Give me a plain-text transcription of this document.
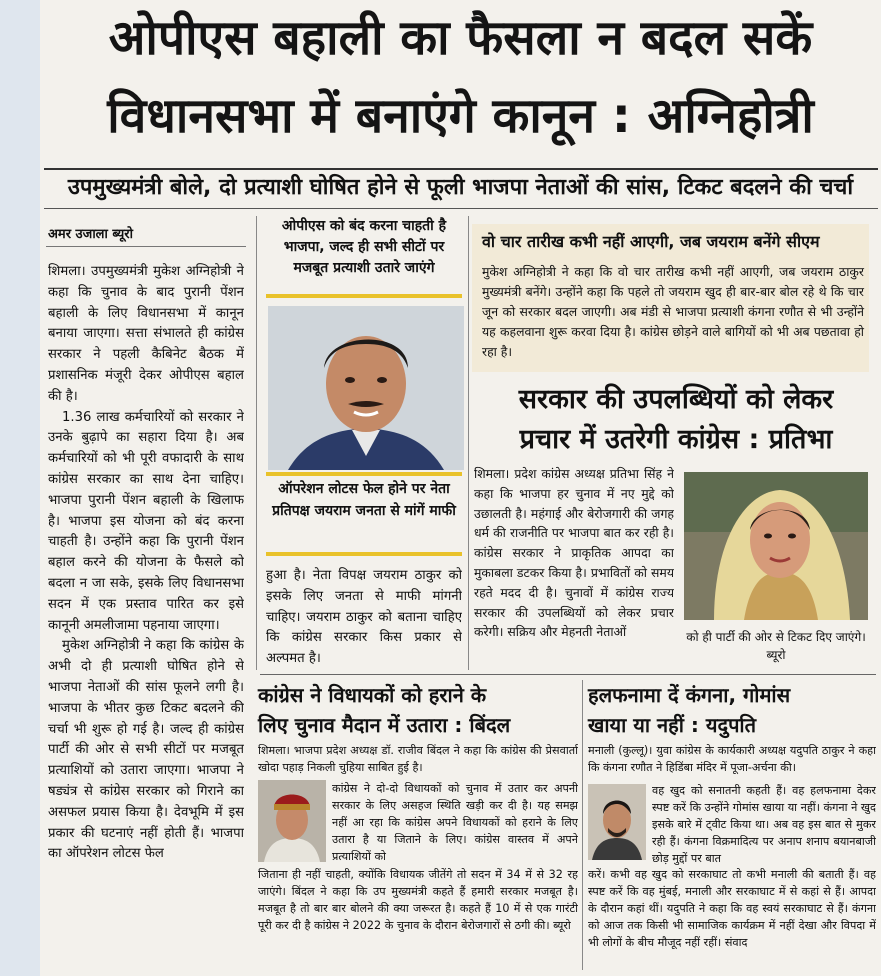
ओपीएस बहाली का फैसला न बदल सकें
विधानसभा में बनाएंगे कानून : अग्निहोत्री
उपमुख्यमंत्री बोले, दो प्रत्याशी घोषित होने से फूली भाजपा नेताओं की सांस, टिकट बदलने की चर्चा
अमर उजाला ब्यूरो

शिमला। उपमुख्यमंत्री मुकेश अग्निहोत्री ने कहा कि चुनाव के बाद पुरानी पेंशन बहाली के लिए विधानसभा में कानून बनाया जाएगा। सत्ता संभालते ही कांग्रेस सरकार ने पहली कैबिनेट बैठक में प्रशासनिक मंजूरी देकर ओपीएस बहाल की है।

1.36 लाख कर्मचारियों को सरकार ने उनके बुढ़ापे का सहारा दिया है। अब कर्मचारियों को भी पूरी वफादारी के साथ कांग्रेस सरकार का साथ देना चाहिए। भाजपा पुरानी पेंशन बहाली के खिलाफ है। भाजपा इस योजना को बंद करना चाहती है। उन्होंने कहा कि पुरानी पेंशन बहाल करने की योजना के फैसले को बदला न जा सके, इसके लिए विधानसभा सदन में एक प्रस्ताव पारित कर इसे कानूनी अमलीजामा पहनाया जाएगा।

मुकेश अग्निहोत्री ने कहा कि कांग्रेस के अभी दो ही प्रत्याशी घोषित होने से भाजपा नेताओं की सांस फूलने लगी है। भाजपा के भीतर कुछ टिकट बदलने की चर्चा भी शुरू हो गई है। जल्द ही कांग्रेस पार्टी की ओर से सभी सीटों पर मजबूत प्रत्याशियों को उतारा जाएगा। भाजपा ने षड्यंत्र से कांग्रेस सरकार को गिराने का असफल प्रयास किया है। देवभूमि में इस प्रकार की घटनाएं नहीं होती हैं। भाजपा का ऑपरेशन लोटस फेल

ओपीएस को बंद करना चाहती है भाजपा, जल्द ही सभी सीटों पर मजबूत प्रत्याशी उतारे जाएंगे
ऑपरेशन लोटस फेल होने पर नेता प्रतिपक्ष जयराम जनता से मांगें माफी
हुआ है। नेता विपक्ष जयराम ठाकुर को इसके लिए जनता से माफी मांगनी चाहिए। जयराम ठाकुर को बताना चाहिए कि कांग्रेस सरकार किस प्रकार से अल्पमत है।
वो चार तारीख कभी नहीं आएगी, जब जयराम बनेंगे सीएम
मुकेश अग्निहोत्री ने कहा कि वो चार तारीख कभी नहीं आएगी, जब जयराम ठाकुर मुख्यमंत्री बनेंगे। उन्होंने कहा कि पहले तो जयराम खुद ही बार-बार बोल रहे थे कि चार जून को सरकार बदल जाएगी। अब मंडी से भाजपा प्रत्याशी कंगना रणौत से भी उन्होंने यह कहलवाना शुरू करवा दिया है। कांग्रेस छोड़ने वाले बागियों को भी अब पछतावा हो रहा है।
सरकार की उपलब्धियों को लेकर
प्रचार में उतरेगी कांग्रेस : प्रतिभा
शिमला। प्रदेश कांग्रेस अध्यक्ष प्रतिभा सिंह ने कहा कि भाजपा हर चुनाव में नए मुद्दे को उछालती है। महंगाई और बेरोजगारी की जगह धर्म की राजनीति पर भाजपा बात कर रही है। कांग्रेस सरकार ने प्राकृतिक आपदा का मुकाबला डटकर किया है। प्रभावितों को समय रहते मदद दी है। चुनावों में कांग्रेस राज्य सरकार की उपलब्धियों को लेकर प्रचार करेगी। सक्रिय और मेहनती नेताओं	को ही पार्टी की ओर से टिकट दिए जाएंगे। ब्यूरो
कांग्रेस ने विधायकों को हराने के
लिए चुनाव मैदान में उतारा : बिंदल
शिमला। भाजपा प्रदेश अध्यक्ष डॉ. राजीव बिंदल ने कहा कि कांग्रेस की प्रेसवार्ता खोदा पहाड़ निकली चुहिया साबित हुई है।
कांग्रेस ने दो-दो विधायकों को चुनाव में उतार कर अपनी सरकार के लिए असहज स्थिति खड़ी कर दी है। यह समझ नहीं आ रहा कि कांग्रेस अपने विधायकों को हराने के लिए उतारा है या जिताने के लिए। कांग्रेस वास्तव में अपने प्रत्याशियों को
जिताना ही नहीं चाहती, क्योंकि विधायक जीतेंगे तो सदन में 34 में से 32 रह जाएंगे। बिंदल ने कहा कि उप मुख्यमंत्री कहते हैं हमारी सरकार मजबूत है। मजबूत है तो बार बार बोलने की क्या जरूरत है। कहते हैं 10 में से एक गारंटी पूरी कर दी है कांग्रेस ने 2022 के चुनाव के दौरान बेरोजगारों से ठगी की। ब्यूरो
हलफनामा दें कंगना, गोमांस
खाया या नहीं : यदुपति
मनाली (कुल्लू)। युवा कांग्रेस के कार्यकारी अध्यक्ष यदुपति ठाकुर ने कहा कि कंगना रणौत ने हिडिंबा मंदिर में पूजा-अर्चना की।
वह खुद को सनातनी कहती हैं। वह हलफनामा देकर स्पष्ट करें कि उन्होंने गोमांस खाया या नहीं। कंगना ने खुद इसके बारे में ट्वीट किया था। अब वह इस बात से मुकर रही हैं। कंगना विक्रमादित्य पर अनाप शनाप बयानबाजी छोड़ मुद्दों पर बात
करें। कभी वह खुद को सरकाघाट तो कभी मनाली की बताती हैं। वह स्पष्ट करें कि वह मुंबई, मनाली और सरकाघाट में से कहां से हैं। आपदा के दौरान कहां थीं। यदुपति ने कहा कि वह स्वयं सरकाघाट से हैं। कंगना को आज तक किसी भी सामाजिक कार्यक्रम में नहीं देखा और विपदा में भी लोगों के बीच मौजूद नहीं रहीं। संवाद
